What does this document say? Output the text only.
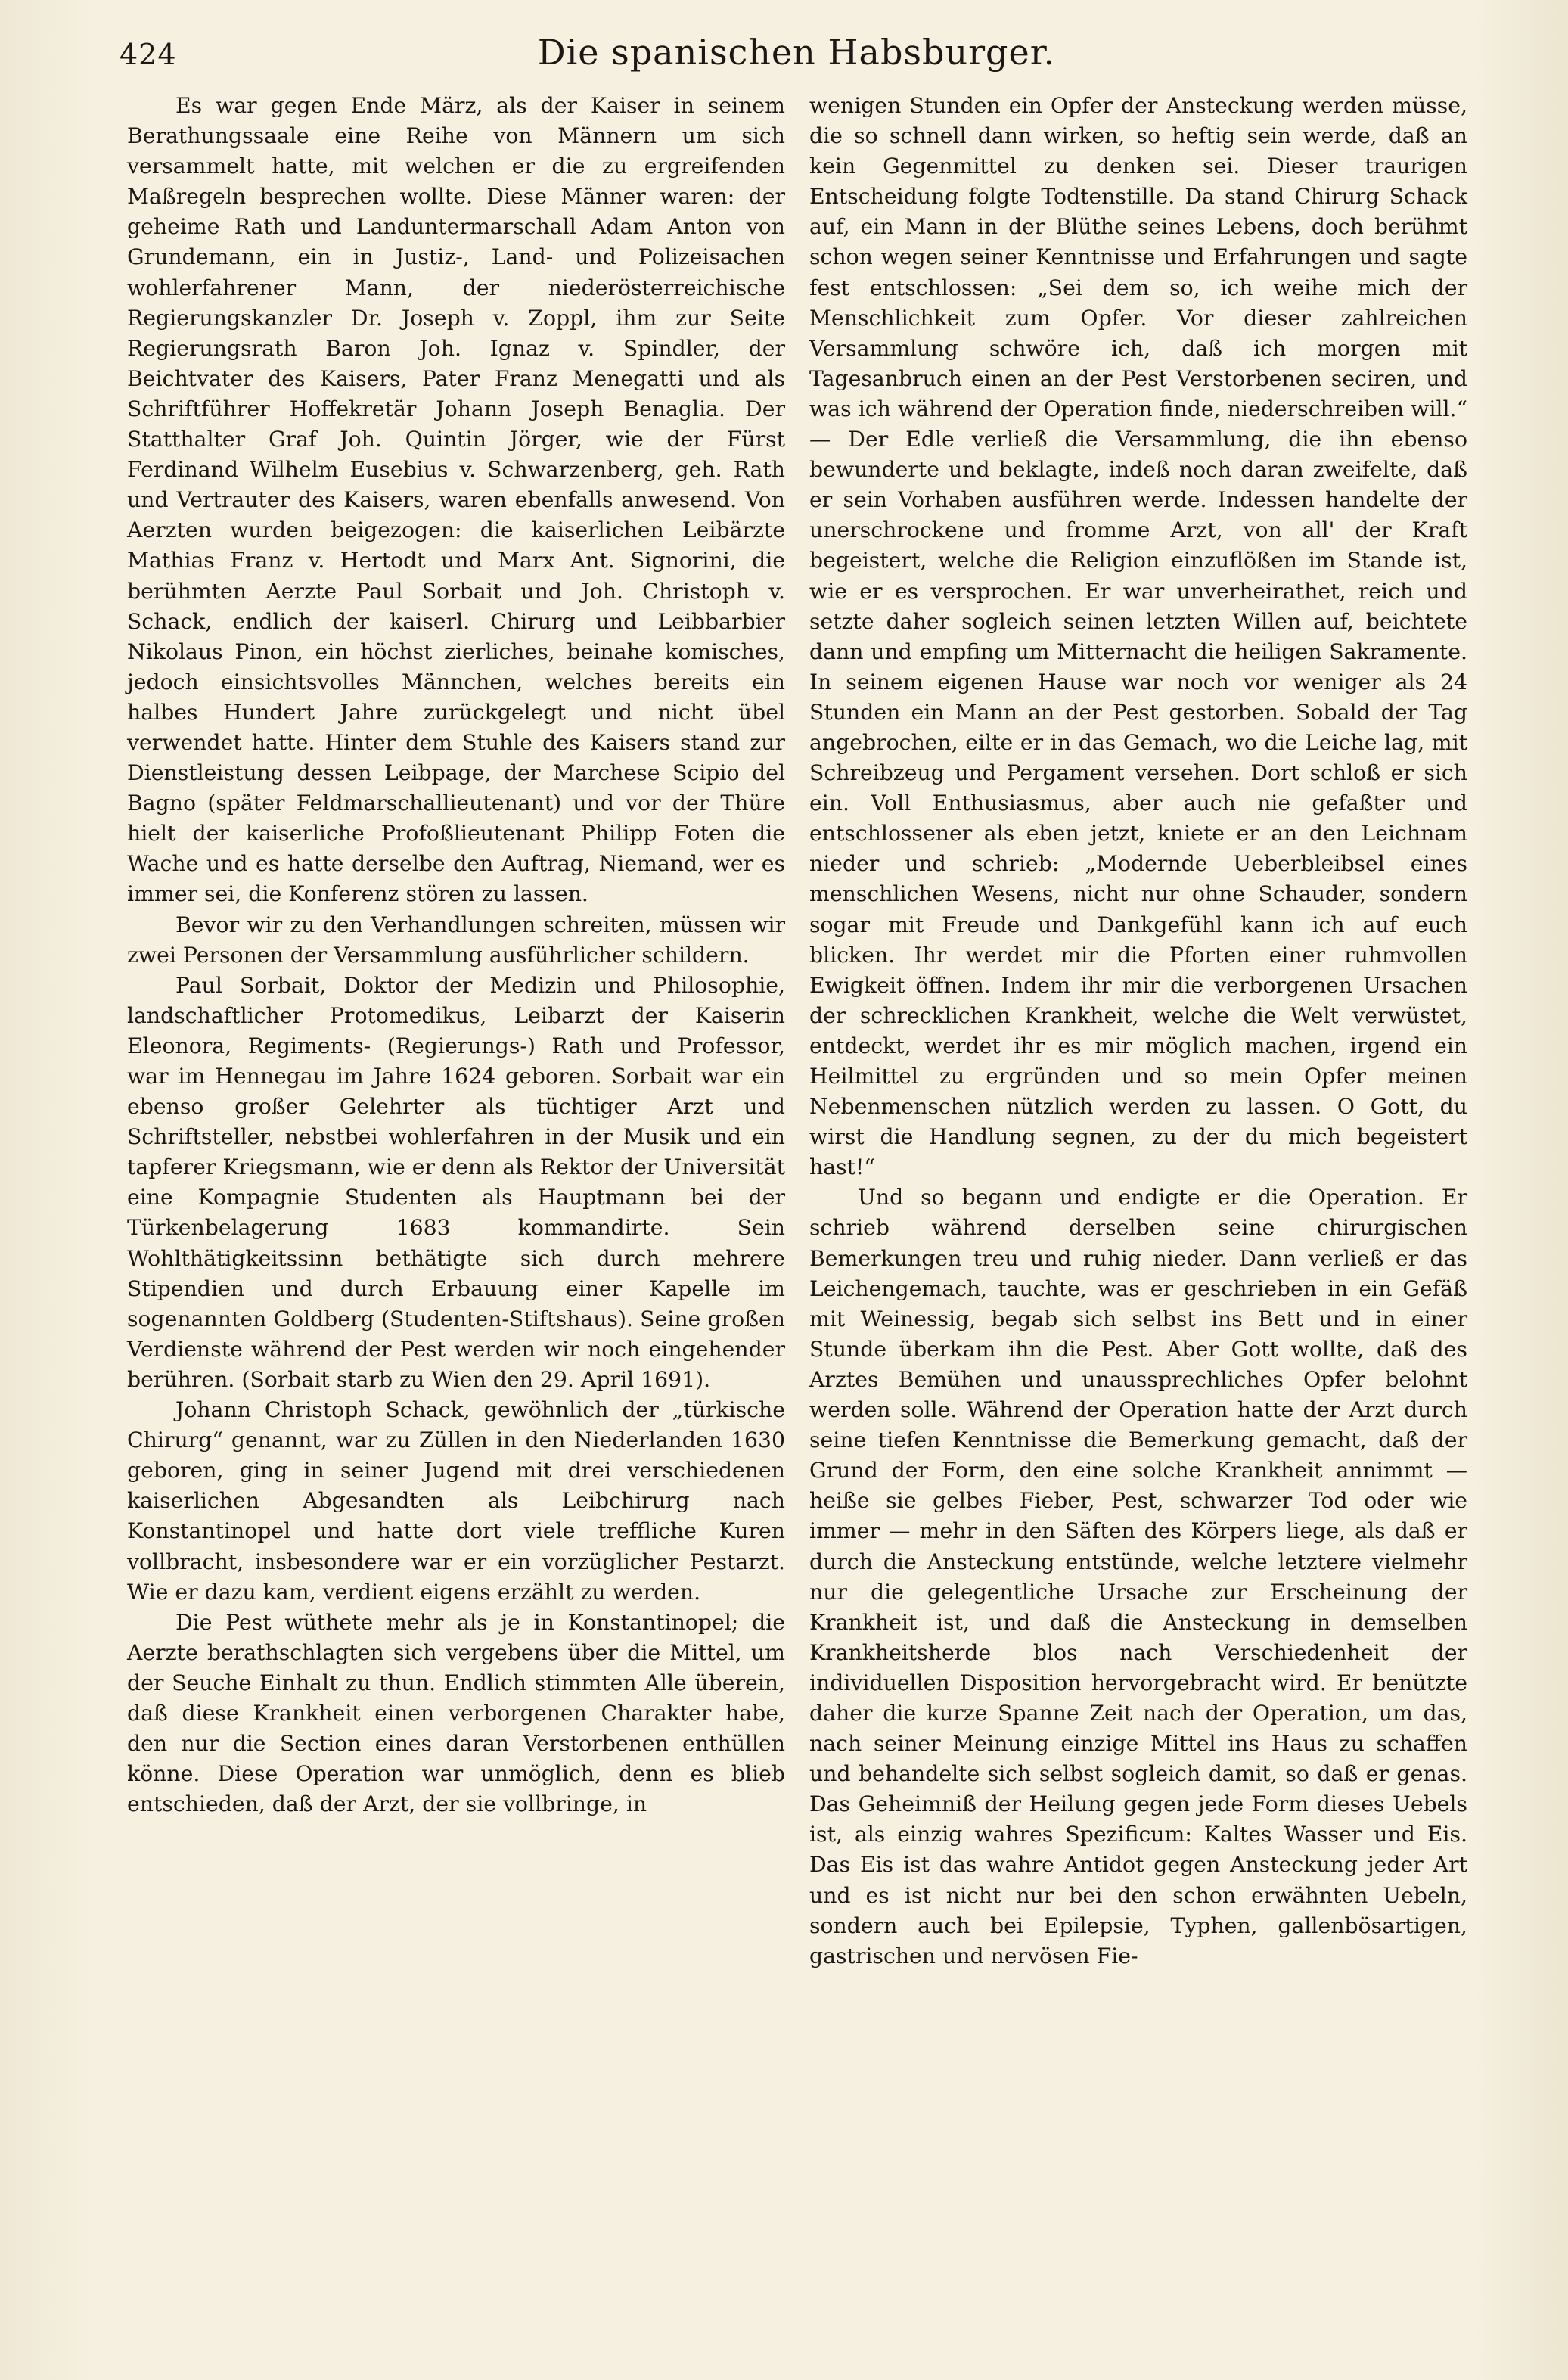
424	Die spanischen Habsburger.

Es war gegen Ende März, als der Kaiser in seinem Berathungssaale eine Reihe von Männern um sich versammelt hatte, mit welchen er die zu ergreifenden Maßregeln besprechen wollte. Diese Männer waren: der geheime Rath und Landuntermarschall Adam Anton von Grundemann, ein in Justiz-, Land- und Polizeisachen wohlerfahrener Mann, der niederösterreichische Regierungskanzler Dr. Joseph v. Zoppl, ihm zur Seite Regierungsrath Baron Joh. Ignaz v. Spindler, der Beichtvater des Kaisers, Pater Franz Menegatti und als Schriftführer Hoffekretär Johann Joseph Benaglia. Der Statthalter Graf Joh. Quintin Jörger, wie der Fürst Ferdinand Wilhelm Eusebius v. Schwarzenberg, geh. Rath und Vertrauter des Kaisers, waren ebenfalls anwesend. Von Aerzten wurden beigezogen: die kaiserlichen Leibärzte Mathias Franz v. Hertodt und Marx Ant. Signorini, die berühmten Aerzte Paul Sorbait und Joh. Christoph v. Schack, endlich der kaiserl. Chirurg und Leibbarbier Nikolaus Pinon, ein höchst zierliches, beinahe komisches, jedoch einsichtsvolles Männchen, welches bereits ein halbes Hundert Jahre zurückgelegt und nicht übel verwendet hatte. Hinter dem Stuhle des Kaisers stand zur Dienstleistung dessen Leibpage, der Marchese Scipio del Bagno (später Feldmarschallieutenant) und vor der Thüre hielt der kaiserliche Profoßlieutenant Philipp Foten die Wache und es hatte derselbe den Auftrag, Niemand, wer es immer sei, die Konferenz stören zu lassen.

Bevor wir zu den Verhandlungen schreiten, müssen wir zwei Personen der Versammlung ausführlicher schildern.

Paul Sorbait, Doktor der Medizin und Philosophie, landschaftlicher Protomedikus, Leibarzt der Kaiserin Eleonora, Regiments- (Regierungs-) Rath und Professor, war im Hennegau im Jahre 1624 geboren. Sorbait war ein ebenso großer Gelehrter als tüchtiger Arzt und Schriftsteller, nebstbei wohlerfahren in der Musik und ein tapferer Kriegsmann, wie er denn als Rektor der Universität eine Kompagnie Studenten als Hauptmann bei der Türkenbelagerung 1683 kommandirte. Sein Wohlthätigkeitssinn bethätigte sich durch mehrere Stipendien und durch Erbauung einer Kapelle im sogenannten Goldberg (Studenten-Stiftshaus). Seine großen Verdienste während der Pest werden wir noch eingehender berühren. (Sorbait starb zu Wien den 29. April 1691).

Johann Christoph Schack, gewöhnlich der „türkische Chirurg“ genannt, war zu Züllen in den Niederlanden 1630 geboren, ging in seiner Jugend mit drei verschiedenen kaiserlichen Abgesandten als Leibchirurg nach Konstantinopel und hatte dort viele treffliche Kuren vollbracht, insbesondere war er ein vorzüglicher Pestarzt. Wie er dazu kam, verdient eigens erzählt zu werden.

Die Pest wüthete mehr als je in Konstantinopel; die Aerzte berathschlagten sich vergebens über die Mittel, um der Seuche Einhalt zu thun. Endlich stimmten Alle überein, daß diese Krankheit einen verborgenen Charakter habe, den nur die Section eines daran Verstorbenen enthüllen könne. Diese Operation war unmöglich, denn es blieb entschieden, daß der Arzt, der sie vollbringe, in

wenigen Stunden ein Opfer der Ansteckung werden müsse, die so schnell dann wirken, so heftig sein werde, daß an kein Gegenmittel zu denken sei. Dieser traurigen Entscheidung folgte Todtenstille. Da stand Chirurg Schack auf, ein Mann in der Blüthe seines Lebens, doch berühmt schon wegen seiner Kenntnisse und Erfahrungen und sagte fest entschlossen: „Sei dem so, ich weihe mich der Menschlichkeit zum Opfer. Vor dieser zahlreichen Versammlung schwöre ich, daß ich morgen mit Tagesanbruch einen an der Pest Verstorbenen seciren, und was ich während der Operation finde, niederschreiben will.“ — Der Edle verließ die Versammlung, die ihn ebenso bewunderte und beklagte, indeß noch daran zweifelte, daß er sein Vorhaben ausführen werde. Indessen handelte der unerschrockene und fromme Arzt, von all' der Kraft begeistert, welche die Religion einzuflößen im Stande ist, wie er es versprochen. Er war unverheirathet, reich und setzte daher sogleich seinen letzten Willen auf, beichtete dann und empfing um Mitternacht die heiligen Sakramente. In seinem eigenen Hause war noch vor weniger als 24 Stunden ein Mann an der Pest gestorben. Sobald der Tag angebrochen, eilte er in das Gemach, wo die Leiche lag, mit Schreibzeug und Pergament versehen. Dort schloß er sich ein. Voll Enthusiasmus, aber auch nie gefaßter und entschlossener als eben jetzt, kniete er an den Leichnam nieder und schrieb: „Modernde Ueberbleibsel eines menschlichen Wesens, nicht nur ohne Schauder, sondern sogar mit Freude und Dankgefühl kann ich auf euch blicken. Ihr werdet mir die Pforten einer ruhmvollen Ewigkeit öffnen. Indem ihr mir die verborgenen Ursachen der schrecklichen Krankheit, welche die Welt verwüstet, entdeckt, werdet ihr es mir möglich machen, irgend ein Heilmittel zu ergründen und so mein Opfer meinen Nebenmenschen nützlich werden zu lassen. O Gott, du wirst die Handlung segnen, zu der du mich begeistert hast!“

Und so begann und endigte er die Operation. Er schrieb während derselben seine chirurgischen Bemerkungen treu und ruhig nieder. Dann verließ er das Leichengemach, tauchte, was er geschrieben in ein Gefäß mit Weinessig, begab sich selbst ins Bett und in einer Stunde überkam ihn die Pest. Aber Gott wollte, daß des Arztes Bemühen und unaussprechliches Opfer belohnt werden solle. Während der Operation hatte der Arzt durch seine tiefen Kenntnisse die Bemerkung gemacht, daß der Grund der Form, den eine solche Krankheit annimmt — heiße sie gelbes Fieber, Pest, schwarzer Tod oder wie immer — mehr in den Säften des Körpers liege, als daß er durch die Ansteckung entstünde, welche letztere vielmehr nur die gelegentliche Ursache zur Erscheinung der Krankheit ist, und daß die Ansteckung in demselben Krankheitsherde blos nach Verschiedenheit der individuellen Disposition hervorgebracht wird. Er benützte daher die kurze Spanne Zeit nach der Operation, um das, nach seiner Meinung einzige Mittel ins Haus zu schaffen und behandelte sich selbst sogleich damit, so daß er genas. Das Geheimniß der Heilung gegen jede Form dieses Uebels ist, als einzig wahres Spezificum: Kaltes Wasser und Eis. Das Eis ist das wahre Antidot gegen Ansteckung jeder Art und es ist nicht nur bei den schon erwähnten Uebeln, sondern auch bei Epilepsie, Typhen, gallenbösartigen, gastrischen und nervösen Fie-
